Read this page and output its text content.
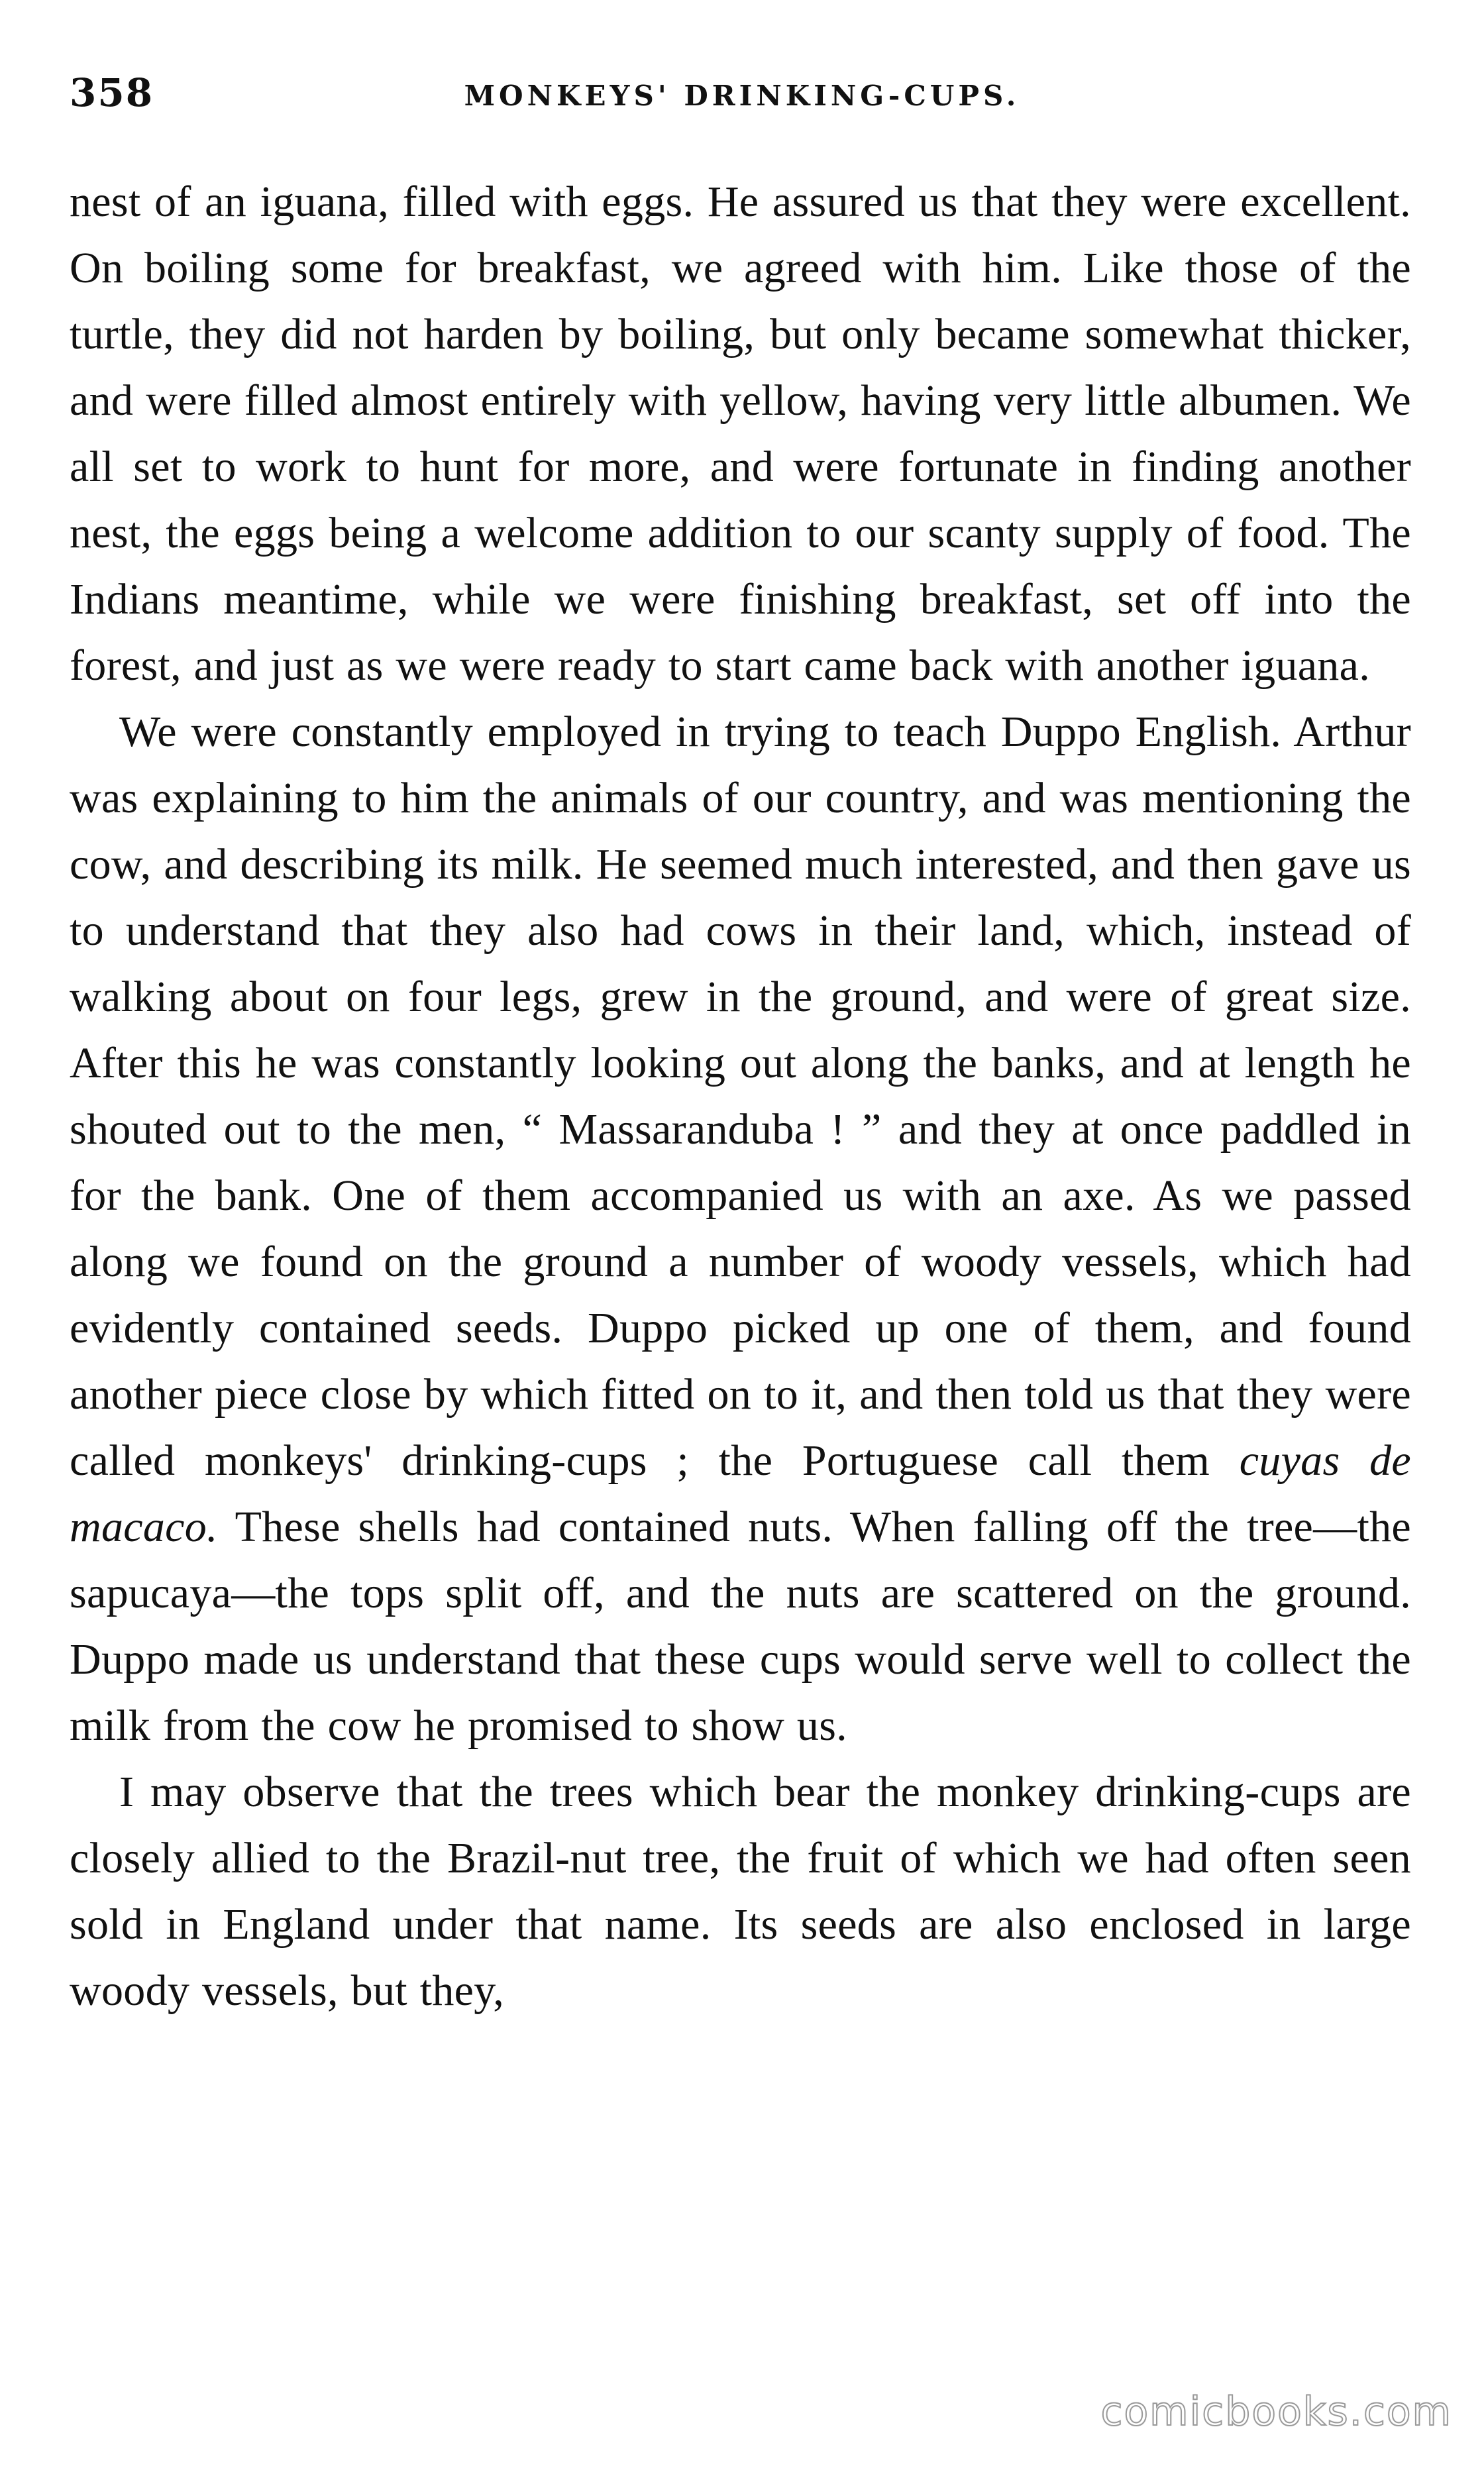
358	MONKEYS' DRINKING-CUPS.

nest of an iguana, filled with eggs. He assured us that they were excellent. On boiling some for breakfast, we agreed with him. Like those of the turtle, they did not harden by boiling, but only became somewhat thicker, and were filled almost entirely with yellow, having very little albumen. We all set to work to hunt for more, and were fortunate in finding another nest, the eggs being a welcome addition to our scanty supply of food. The Indians meantime, while we were finishing breakfast, set off into the forest, and just as we were ready to start came back with another iguana.

We were constantly employed in trying to teach Duppo English. Arthur was explaining to him the animals of our country, and was mentioning the cow, and describing its milk. He seemed much interested, and then gave us to understand that they also had cows in their land, which, instead of walking about on four legs, grew in the ground, and were of great size. After this he was constantly looking out along the banks, and at length he shouted out to the men, “ Massaranduba ! ” and they at once paddled in for the bank. One of them accompanied us with an axe. As we passed along we found on the ground a number of woody vessels, which had evidently contained seeds. Duppo picked up one of them, and found another piece close by which fitted on to it, and then told us that they were called monkeys' drinking-cups ; the Portuguese call them cuyas de macaco. These shells had contained nuts. When falling off the tree—the sapucaya—the tops split off, and the nuts are scattered on the ground. Duppo made us understand that these cups would serve well to collect the milk from the cow he promised to show us.

I may observe that the trees which bear the monkey drinking-cups are closely allied to the Brazil-nut tree, the fruit of which we had often seen sold in England under that name. Its seeds are also enclosed in large woody vessels, but they,

comicbooks.com
